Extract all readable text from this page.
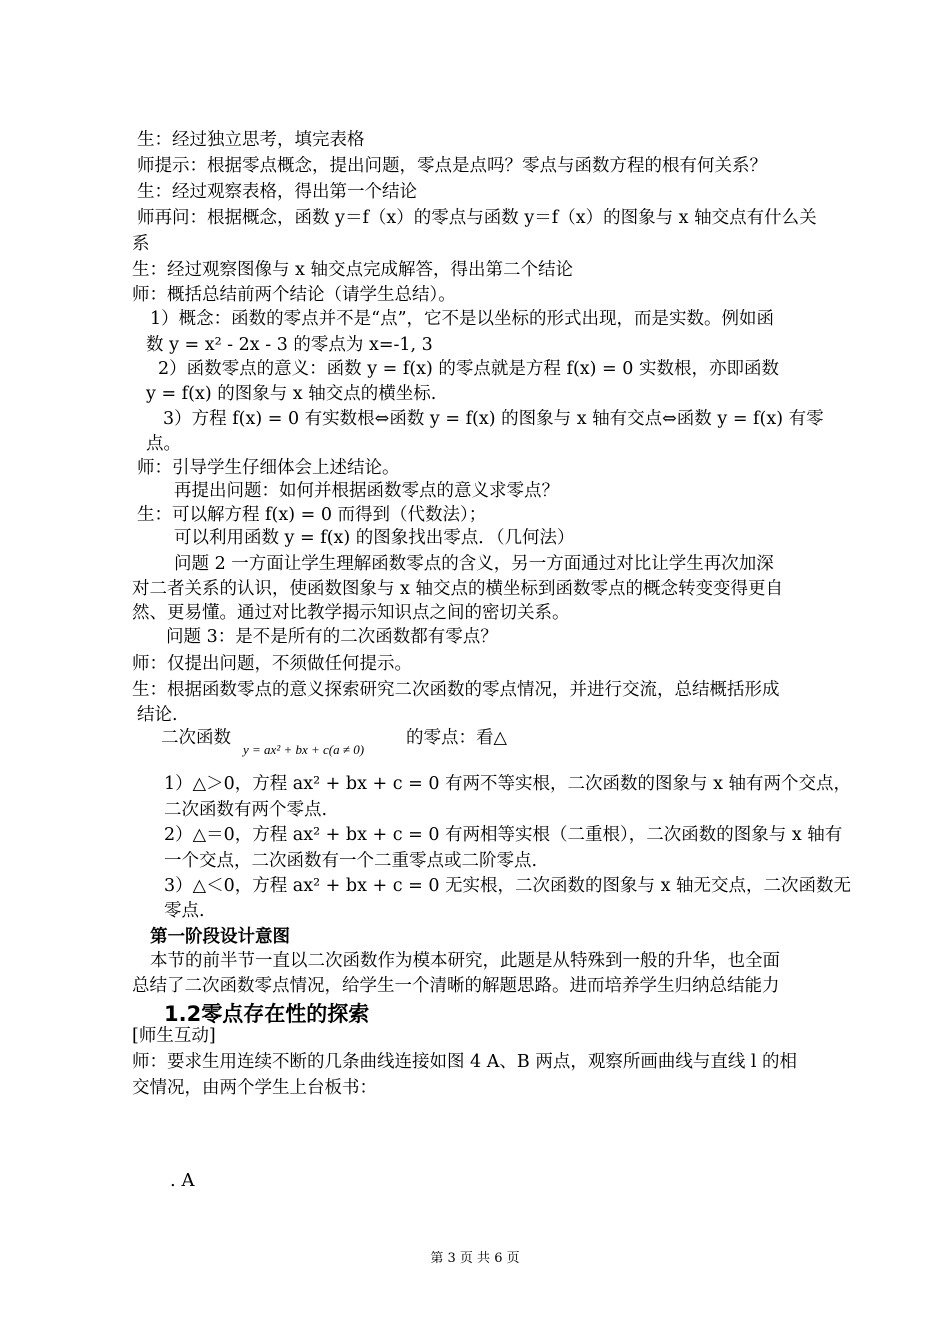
生：经过独立思考，填完表格
师提示：根据零点概念，提出问题，零点是点吗？零点与函数方程的根有何关系？
生：经过观察表格，得出第一个结论
师再问：根据概念，函数 y＝f（x）的零点与函数 y＝f（x）的图象与 x 轴交点有什么关
系
生：经过观察图像与 x 轴交点完成解答，得出第二个结论
师：概括总结前两个结论（请学生总结）。
1）概念：函数的零点并不是“点”，它不是以坐标的形式出现，而是实数。例如函
数 y = x² - 2x - 3 的零点为 x=-1, 3
2）函数零点的意义：函数 y = f(x) 的零点就是方程 f(x) = 0 实数根，亦即函数
y = f(x) 的图象与 x 轴交点的横坐标.
3）方程 f(x) = 0 有实数根⇔函数 y = f(x) 的图象与 x 轴有交点⇔函数 y = f(x) 有零
点。
师：引导学生仔细体会上述结论。
再提出问题：如何并根据函数零点的意义求零点？
生：可以解方程 f(x) = 0 而得到（代数法）；
可以利用函数 y = f(x) 的图象找出零点．（几何法）
问题 2 一方面让学生理解函数零点的含义，另一方面通过对比让学生再次加深
对二者关系的认识，使函数图象与 x 轴交点的横坐标到函数零点的概念转变变得更自
然、更易懂。通过对比教学揭示知识点之间的密切关系。
问题 3：是不是所有的二次函数都有零点？
师：仅提出问题，不须做任何提示。
生：根据函数零点的意义探索研究二次函数的零点情况，并进行交流，总结概括形成
结论.
二次函数
y = ax² + bx + c(a ≠ 0)
的零点：看△
1）△＞0，方程 ax² + bx + c = 0 有两不等实根，二次函数的图象与 x 轴有两个交点，
二次函数有两个零点.
2）△＝0，方程 ax² + bx + c = 0 有两相等实根（二重根），二次函数的图象与 x 轴有
一个交点，二次函数有一个二重零点或二阶零点.
3）△＜0，方程 ax² + bx + c = 0 无实根，二次函数的图象与 x 轴无交点，二次函数无
零点.
第一阶段设计意图
本节的前半节一直以二次函数作为模本研究，此题是从特殊到一般的升华，也全面
总结了二次函数零点情况，给学生一个清晰的解题思路。进而培养学生归纳总结能力
1.2零点存在性的探索
[师生互动]
师：要求生用连续不断的几条曲线连接如图 4 A、B 两点，观察所画曲线与直线 l 的相
交情况，由两个学生上台板书：
. A
第 3 页 共 6 页
